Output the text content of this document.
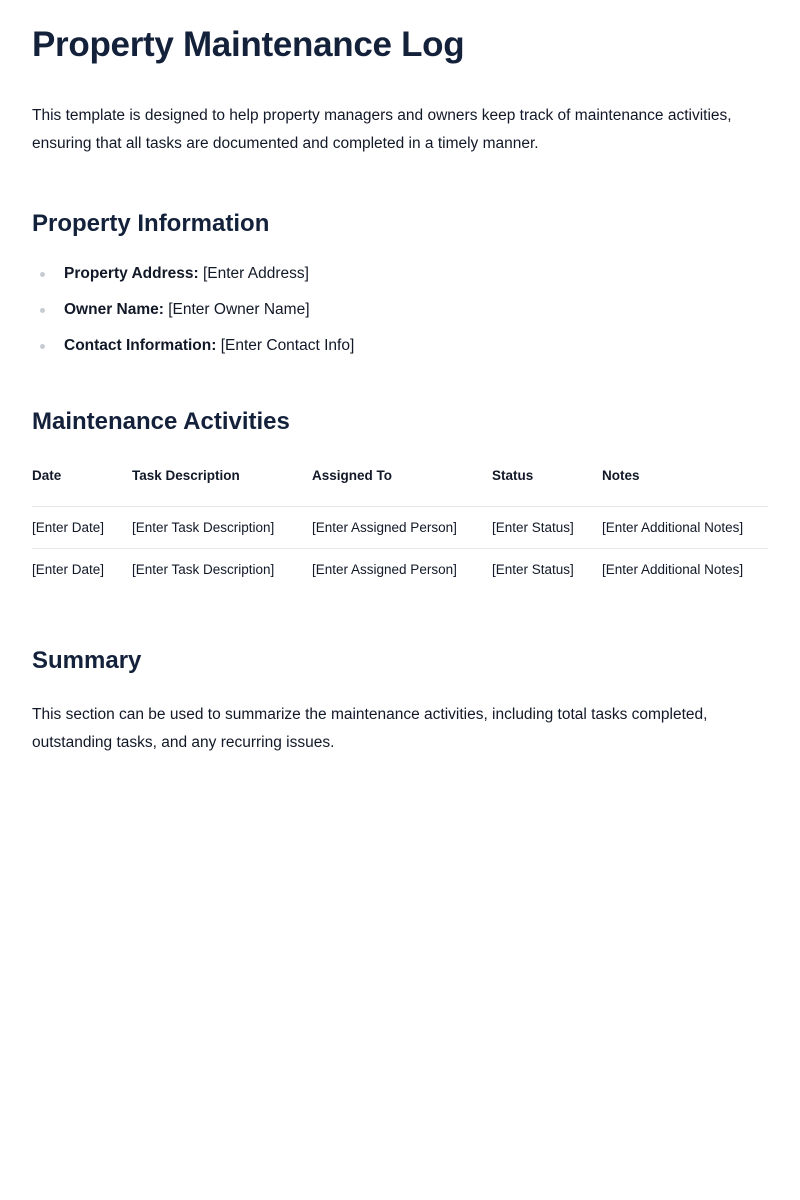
Property Maintenance Log

This template is designed to help property managers and owners keep track of maintenance activities, ensuring that all tasks are documented and completed in a timely manner.

Property Information
Property Address: [Enter Address]
Owner Name: [Enter Owner Name]
Contact Information: [Enter Contact Info]
Maintenance Activities
Date	Task Description	Assigned To	Status	Notes
[Enter Date]	[Enter Task Description]	[Enter Assigned Person]	[Enter Status]	[Enter Additional Notes]
[Enter Date]	[Enter Task Description]	[Enter Assigned Person]	[Enter Status]	[Enter Additional Notes]
Summary

This section can be used to summarize the maintenance activities, including total tasks completed, outstanding tasks, and any recurring issues.
